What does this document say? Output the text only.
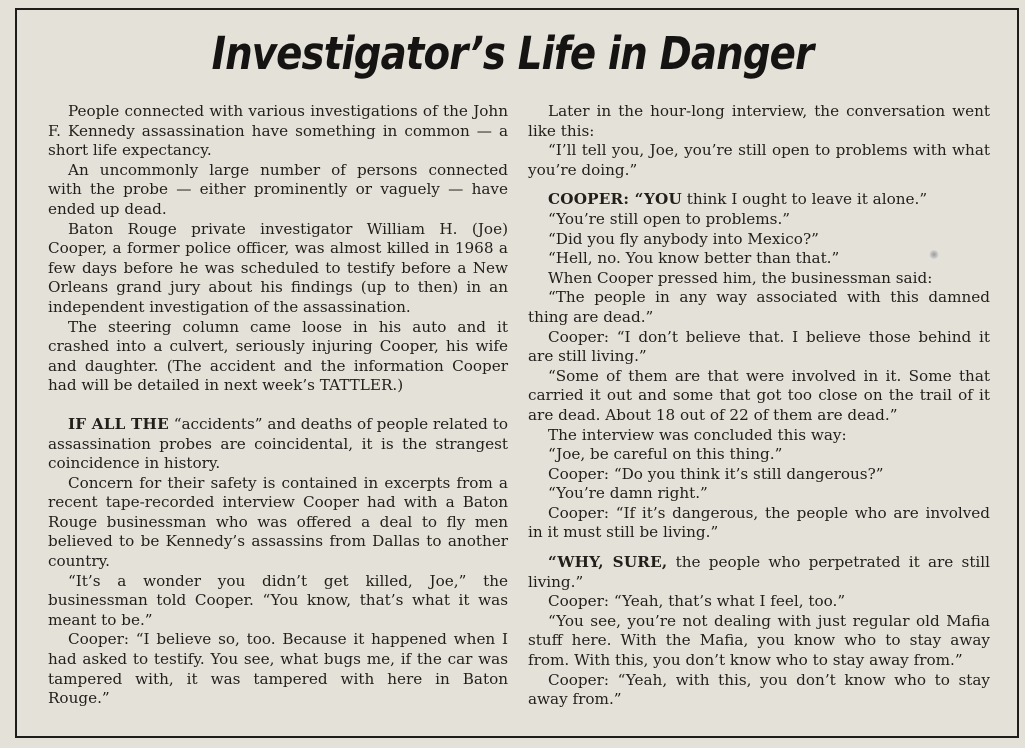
Investigator’s Life in Danger

People connected with various investigations of the John F. Kennedy assassination have something in common — a short life expectancy.

An uncommonly large number of persons connected with the probe — either prominently or vaguely — have ended up dead.

Baton Rouge private investigator William H. (Joe) Cooper, a former police officer, was almost killed in 1968 a few days before he was scheduled to testify before a New Orleans grand jury about his findings (up to then) in an independent investigation of the assassination.

The steering column came loose in his auto and it crashed into a culvert, seriously injuring Cooper, his wife and daughter. (The accident and the information Cooper had will be detailed in next week’s TATTLER.)

IF ALL THE “accidents” and deaths of people related to assassination probes are coincidental, it is the strangest coincidence in history.

Concern for their safety is contained in excerpts from a recent tape-recorded interview Cooper had with a Baton Rouge businessman who was offered a deal to fly men believed to be Kennedy’s assassins from Dallas to another country.

“It’s a wonder you didn’t get killed, Joe,” the businessman told Cooper. “You know, that’s what it was meant to be.”

Cooper: “I believe so, too. Because it happened when I had asked to testify. You see, what bugs me, if the car was tampered with, it was tampered with here in Baton Rouge.”

Later in the hour-long interview, the conversation went like this:

“I’ll tell you, Joe, you’re still open to problems with what you’re doing.”

COOPER: “YOU think I ought to leave it alone.”

“You’re still open to problems.”

“Did you fly anybody into Mexico?”

“Hell, no. You know better than that.”

When Cooper pressed him, the businessman said:

“The people in any way associated with this damned thing are dead.”

Cooper: “I don’t believe that. I believe those behind it are still living.”

“Some of them are that were involved in it. Some that carried it out and some that got too close on the trail of it are dead. About 18 out of 22 of them are dead.”

The interview was concluded this way:

“Joe, be careful on this thing.”

Cooper: “Do you think it’s still dangerous?”

“You’re damn right.”

Cooper: “If it’s dangerous, the people who are involved in it must still be living.”

“WHY, SURE, the people who perpetrated it are still living.”

Cooper: “Yeah, that’s what I feel, too.”

“You see, you’re not dealing with just regular old Mafia stuff here. With the Mafia, you know who to stay away from. With this, you don’t know who to stay away from.”

Cooper: “Yeah, with this, you don’t know who to stay away from.”
